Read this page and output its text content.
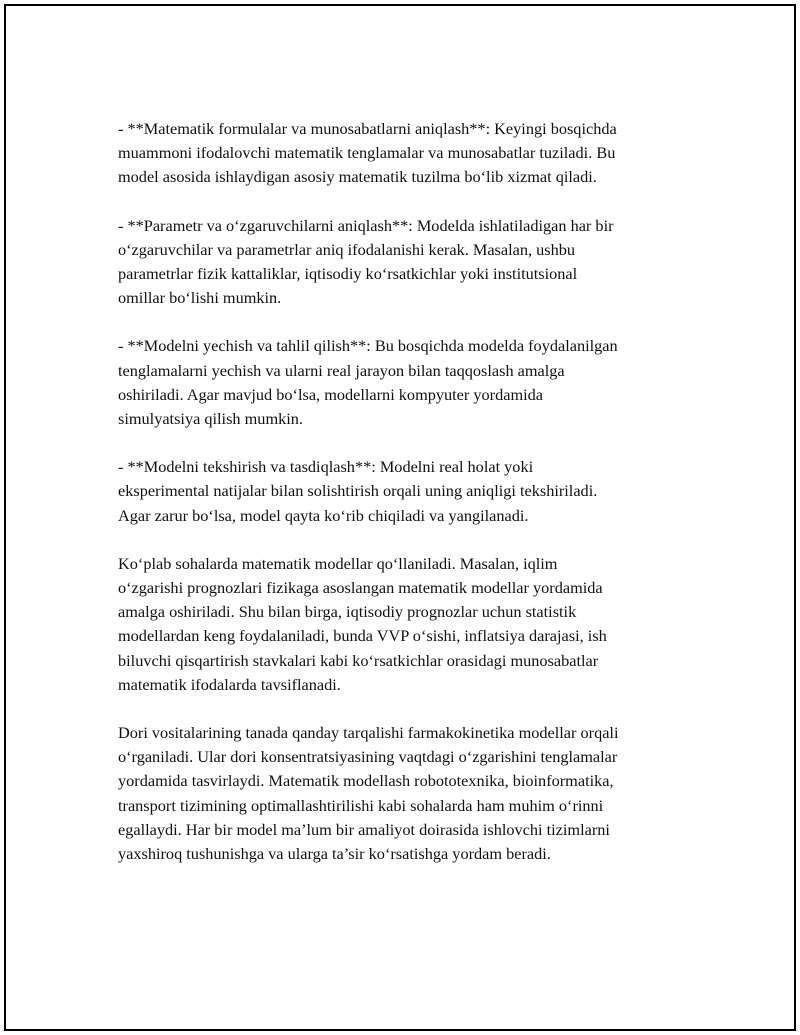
- **Matematik formulalar va munosabatlarni aniqlash**: Keyingi bosqichda
muammoni ifodalovchi matematik tenglamalar va munosabatlar tuziladi. Bu
model asosida ishlaydigan asosiy matematik tuzilma bo‘lib xizmat qiladi.

- **Parametr va o‘zgaruvchilarni aniqlash**: Modelda ishlatiladigan har bir
o‘zgaruvchilar va parametrlar aniq ifodalanishi kerak. Masalan, ushbu
parametrlar fizik kattaliklar, iqtisodiy ko‘rsatkichlar yoki institutsional
omillar bo‘lishi mumkin.

- **Modelni yechish va tahlil qilish**: Bu bosqichda modelda foydalanilgan
tenglamalarni yechish va ularni real jarayon bilan taqqoslash amalga
oshiriladi. Agar mavjud bo‘lsa, modellarni kompyuter yordamida
simulyatsiya qilish mumkin.

- **Modelni tekshirish va tasdiqlash**: Modelni real holat yoki
eksperimental natijalar bilan solishtirish orqali uning aniqligi tekshiriladi.
Agar zarur bo‘lsa, model qayta ko‘rib chiqiladi va yangilanadi.

Ko‘plab sohalarda matematik modellar qo‘llaniladi. Masalan, iqlim
o‘zgarishi prognozlari fizikaga asoslangan matematik modellar yordamida
amalga oshiriladi. Shu bilan birga, iqtisodiy prognozlar uchun statistik
modellardan keng foydalaniladi, bunda VVP o‘sishi, inflatsiya darajasi, ish
biluvchi qisqartirish stavkalari kabi ko‘rsatkichlar orasidagi munosabatlar
matematik ifodalarda tavsiflanadi.

Dori vositalarining tanada qanday tarqalishi farmakokinetika modellar orqali
o‘rganiladi. Ular dori konsentratsiyasining vaqtdagi o‘zgarishini tenglamalar
yordamida tasvirlaydi. Matematik modellash robototexnika, bioinformatika,
transport tizimining optimallashtirilishi kabi sohalarda ham muhim o‘rinni
egallaydi. Har bir model ma’lum bir amaliyot doirasida ishlovchi tizimlarni
yaxshiroq tushunishga va ularga ta’sir ko‘rsatishga yordam beradi.
